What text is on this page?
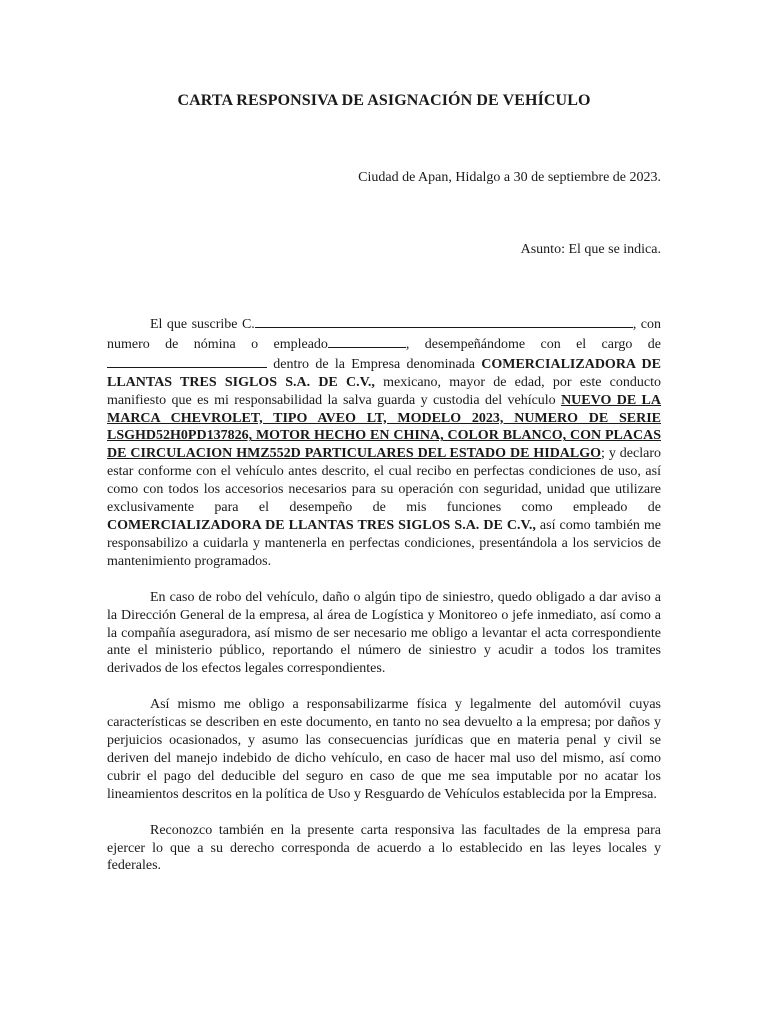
CARTA RESPONSIVA DE ASIGNACIÓN DE VEHÍCULO
Ciudad de Apan, Hidalgo a 30 de septiembre de 2023.
Asunto: El que se indica.

El que suscribe C.	, con numero de nómina o empleado	, desempeñándome con el cargo de  dentro de la Empresa denominada COMERCIALIZADORA DE LLANTAS TRES SIGLOS S.A. DE C.V., mexicano, mayor de edad, por este conducto manifiesto que es mi responsabilidad la salva guarda y custodia del vehículo NUEVO DE LA MARCA CHEVROLET, TIPO AVEO LT, MODELO 2023, NUMERO DE SERIE LSGHD52H0PD137826, MOTOR HECHO EN CHINA, COLOR BLANCO, CON PLACAS DE CIRCULACION HMZ552D PARTICULARES DEL ESTADO DE HIDALGO; y declaro estar conforme con el vehículo antes descrito, el cual recibo en perfectas condiciones de uso, así como con todos los accesorios necesarios para su operación con seguridad, unidad que utilizare exclusivamente para el desempeño de mis funciones como empleado de COMERCIALIZADORA DE LLANTAS TRES SIGLOS S.A. DE C.V., así como también me responsabilizo a cuidarla y mantenerla en perfectas condiciones, presentándola a los servicios de mantenimiento programados.

En caso de robo del vehículo, daño o algún tipo de siniestro, quedo obligado a dar aviso a la Dirección General de la empresa, al área de Logística y Monitoreo o jefe inmediato, así como a la compañía aseguradora, así mismo de ser necesario me obligo a levantar el acta correspondiente ante el ministerio público, reportando el número de siniestro y acudir a todos los tramites derivados de los efectos legales correspondientes.

Así mismo me obligo a responsabilizarme física y legalmente del automóvil cuyas características se describen en este documento, en tanto no sea devuelto a la empresa; por daños y perjuicios ocasionados, y asumo las consecuencias jurídicas que en materia penal y civil se deriven del manejo indebido de dicho vehículo, en caso de hacer mal uso del mismo, así como cubrir el pago del deducible del seguro en caso de que me sea imputable por no acatar los lineamientos descritos en la política de Uso y Resguardo de Vehículos establecida por la Empresa.

Reconozco también en la presente carta responsiva las facultades de la empresa para ejercer lo que a su derecho corresponda de acuerdo a lo establecido en las leyes locales y federales.
